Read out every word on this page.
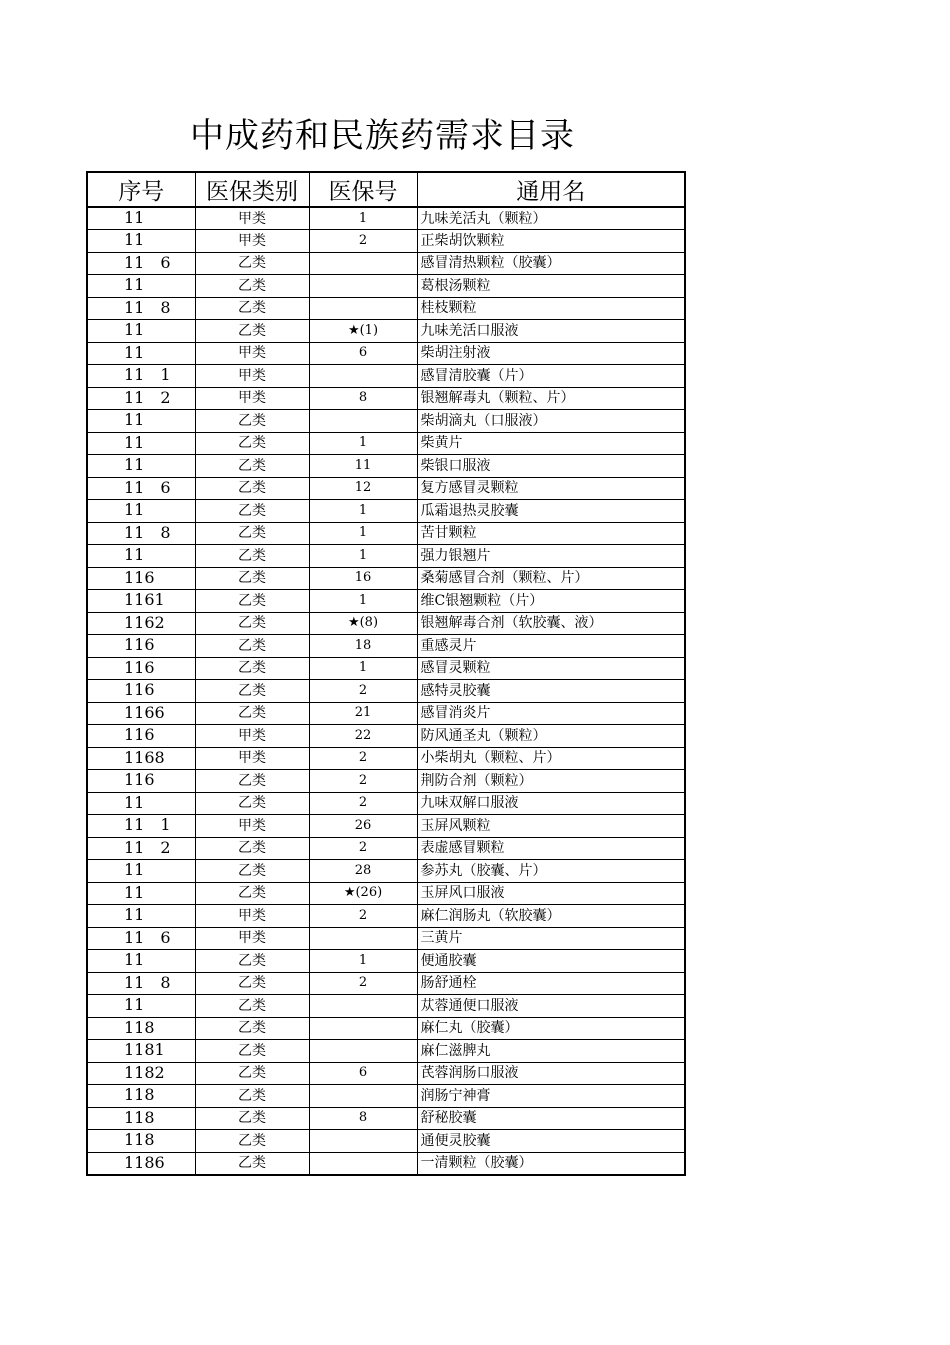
中成药和民族药需求目录
序号	医保类别	医保号	通用名
11	甲类	1	九味羌活丸（颗粒）
11	甲类	2	正柴胡饮颗粒
11　6	乙类		感冒清热颗粒（胶囊）
11	乙类		葛根汤颗粒
11　8	乙类		桂枝颗粒
11	乙类	★(1)	九味羌活口服液
11	甲类	6	柴胡注射液
11　1	甲类		感冒清胶囊（片）
11　2	甲类	8	银翘解毒丸（颗粒、片）
11	乙类		柴胡滴丸（口服液）
11	乙类	1	柴黄片
11	乙类	11	柴银口服液
11　6	乙类	12	复方感冒灵颗粒
11	乙类	1	瓜霜退热灵胶囊
11　8	乙类	1	苦甘颗粒
11	乙类	1	强力银翘片
116	乙类	16	桑菊感冒合剂（颗粒、片）
1161	乙类	1	维C银翘颗粒（片）
1162	乙类	★(8)	银翘解毒合剂（软胶囊、液）
116	乙类	18	重感灵片
116	乙类	1	感冒灵颗粒
116	乙类	2	感特灵胶囊
1166	乙类	21	感冒消炎片
116	甲类	22	防风通圣丸（颗粒）
1168	甲类	2	小柴胡丸（颗粒、片）
116	乙类	2	荆防合剂（颗粒）
11	乙类	2	九味双解口服液
11　1	甲类	26	玉屏风颗粒
11　2	乙类	2	表虚感冒颗粒
11	乙类	28	参苏丸（胶囊、片）
11	乙类	★(26)	玉屏风口服液
11	甲类	2	麻仁润肠丸（软胶囊）
11　6	甲类		三黄片
11	乙类	1	便通胶囊
11　8	乙类	2	肠舒通栓
11	乙类		苁蓉通便口服液
118	乙类		麻仁丸（胶囊）
1181	乙类		麻仁滋脾丸
1182	乙类	6	芪蓉润肠口服液
118	乙类		润肠宁神膏
118	乙类	8	舒秘胶囊
118	乙类		通便灵胶囊
1186	乙类		一清颗粒（胶囊）
